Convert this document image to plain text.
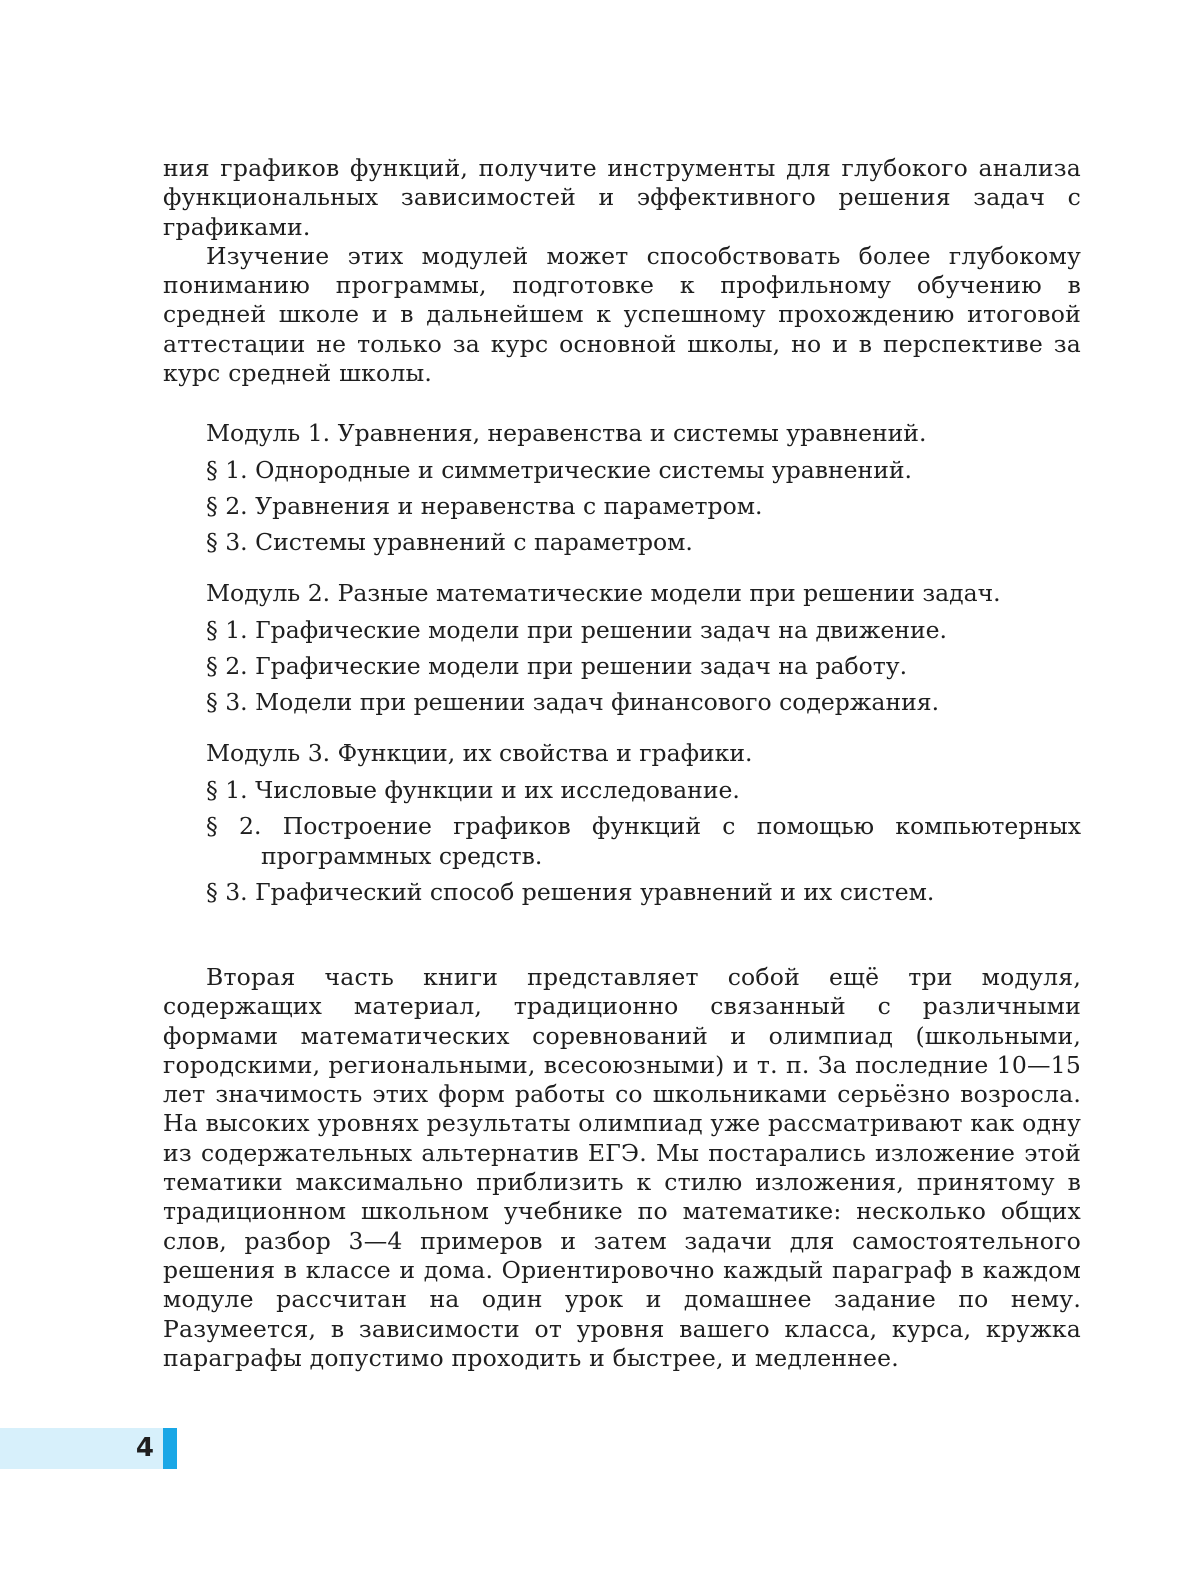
ния графиков функций, получите инструменты для глубокого анализа функциональных зависимостей и эффективного решения задач с графиками.

Изучение этих модулей может способствовать более глубокому пониманию программы, подготовке к профильному обучению в средней школе и в дальнейшем к успешному прохождению итоговой аттестации не только за курс основной школы, но и в перспективе за курс средней школы.

Модуль 1. Уравнения, неравенства и системы уравнений.

§ 1. Однородные и симметрические системы уравнений.

§ 2. Уравнения и неравенства с параметром.

§ 3. Системы уравнений с параметром.

Модуль 2. Разные математические модели при решении задач.

§ 1. Графические модели при решении задач на движение.

§ 2. Графические модели при решении задач на работу.

§ 3. Модели при решении задач финансового содержания.

Модуль 3. Функции, их свойства и графики.

§ 1. Числовые функции и их исследование.

§ 2. Построение графиков функций с помощью компьютерных программных средств.

§ 3. Графический способ решения уравнений и их систем.

Вторая часть книги представляет собой ещё три модуля, содержащих материал, традиционно связанный с различными формами математических соревнований и олимпиад (школьными, городскими, региональными, всесоюзными) и т. п. За последние 10—15 лет значимость этих форм работы со школьниками серьёзно возросла. На высоких уровнях результаты олимпиад уже рассматривают как одну из содержательных альтернатив ЕГЭ. Мы постарались изложение этой тематики максимально приблизить к стилю изложения, принятому в традиционном школьном учебнике по математике: несколько общих слов, разбор 3—4 примеров и затем задачи для самостоятельного решения в классе и дома. Ориентировочно каждый параграф в каждом модуле рассчитан на один урок и домашнее задание по нему. Разумеется, в зависимости от уровня вашего класса, курса, кружка параграфы допустимо проходить и быстрее, и медленнее.

4
